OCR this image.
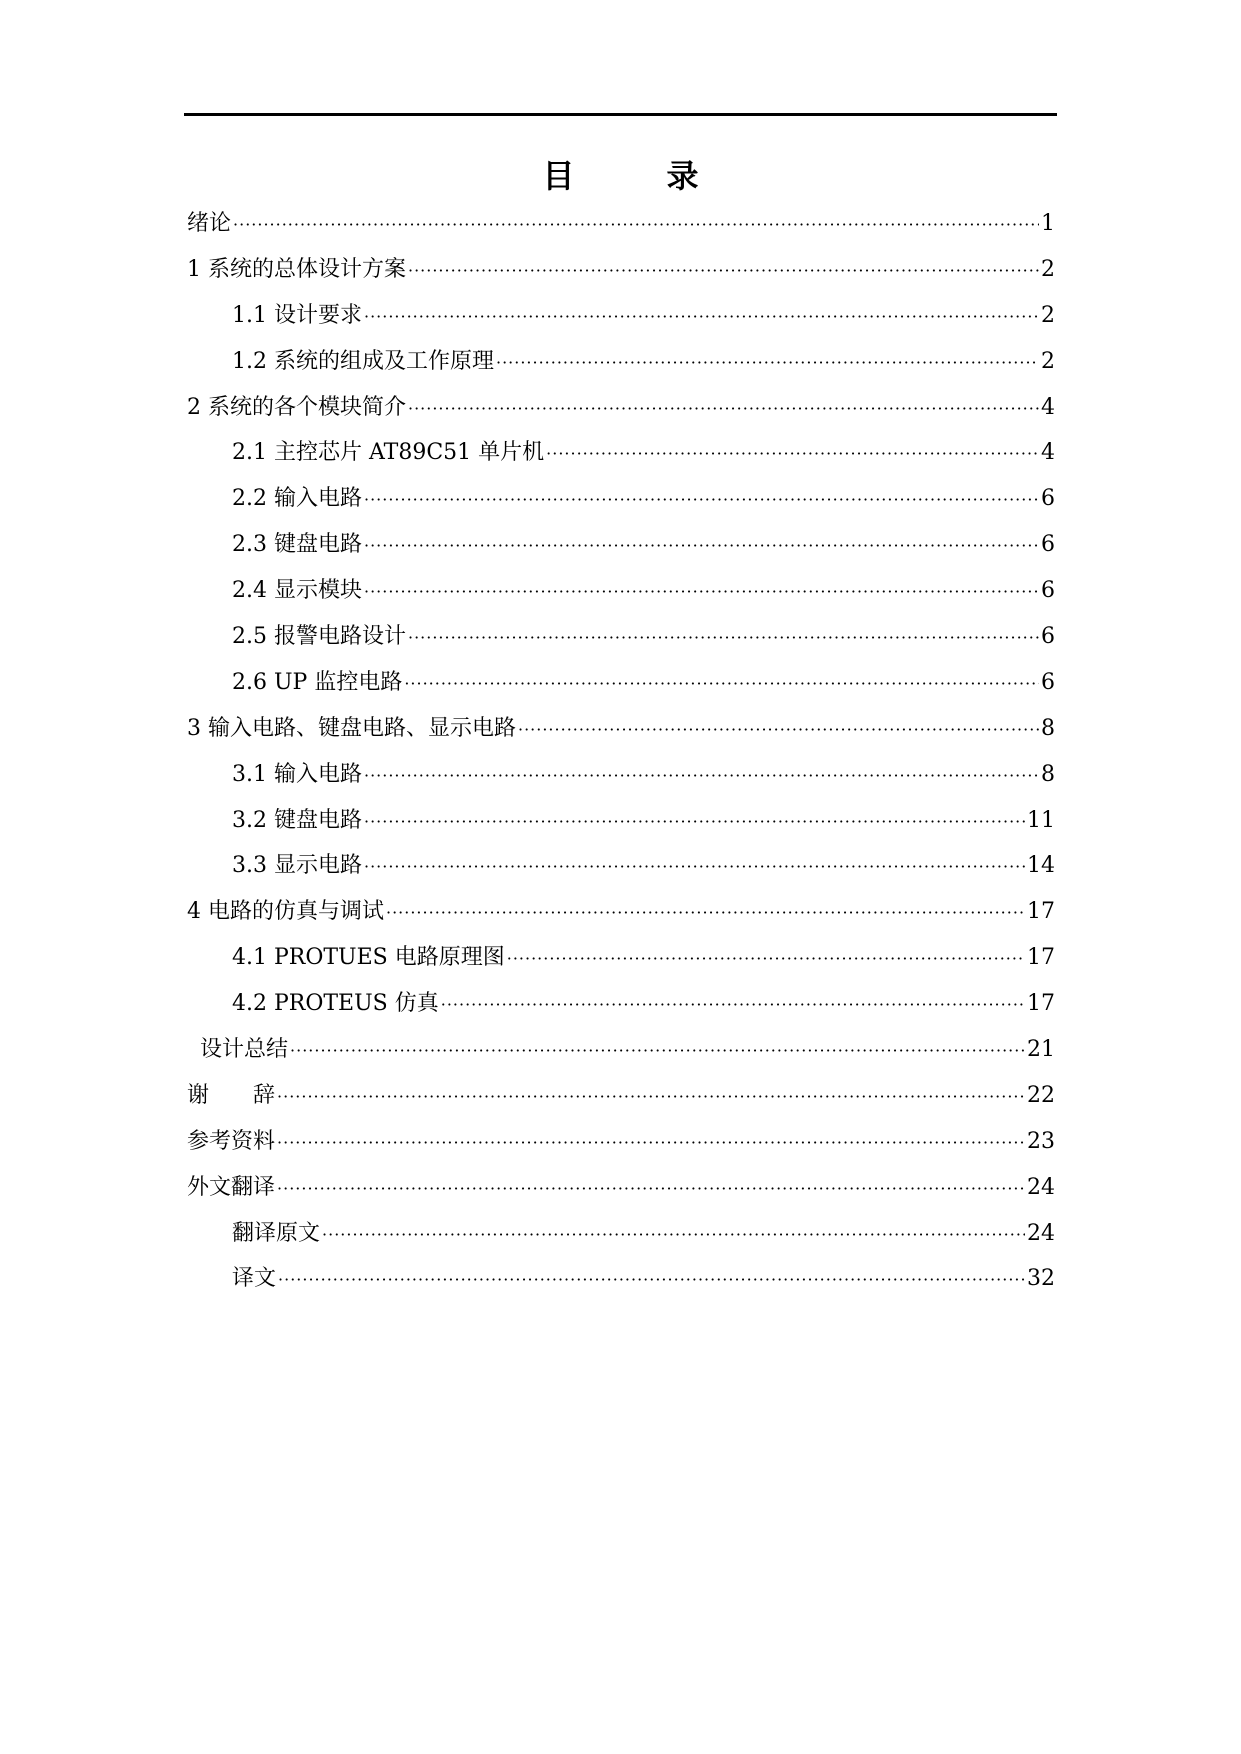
目　录
绪论 ·····	1
1 系统的总体设计方案 ·····	2
1.1 设计要求 ·····	2
1.2 系统的组成及工作原理 ·····	2
2 系统的各个模块简介 ·····	4
2.1 主控芯片 AT89C51 单片机 ·····	4
2.2 输入电路 ·····	6
2.3 键盘电路 ·····	6
2.4 显示模块 ·····	6
2.5 报警电路设计 ·····	6
2.6 UP 监控电路 ·····	6
3 输入电路、键盘电路、显示电路 ·····	8
3.1 输入电路 ·····	8
3.2 键盘电路 ·····	11
3.3 显示电路 ·····	14
4 电路的仿真与调试 ·····	17
4.1 PROTUES 电路原理图 ·····	17
4.2 PROTEUS 仿真 ·····	17
设计总结 ·····	21
谢　　辞 ·····	22
参考资料 ·····	23
外文翻译 ·····	24
翻译原文 ·····	24
译文 ·····	32
